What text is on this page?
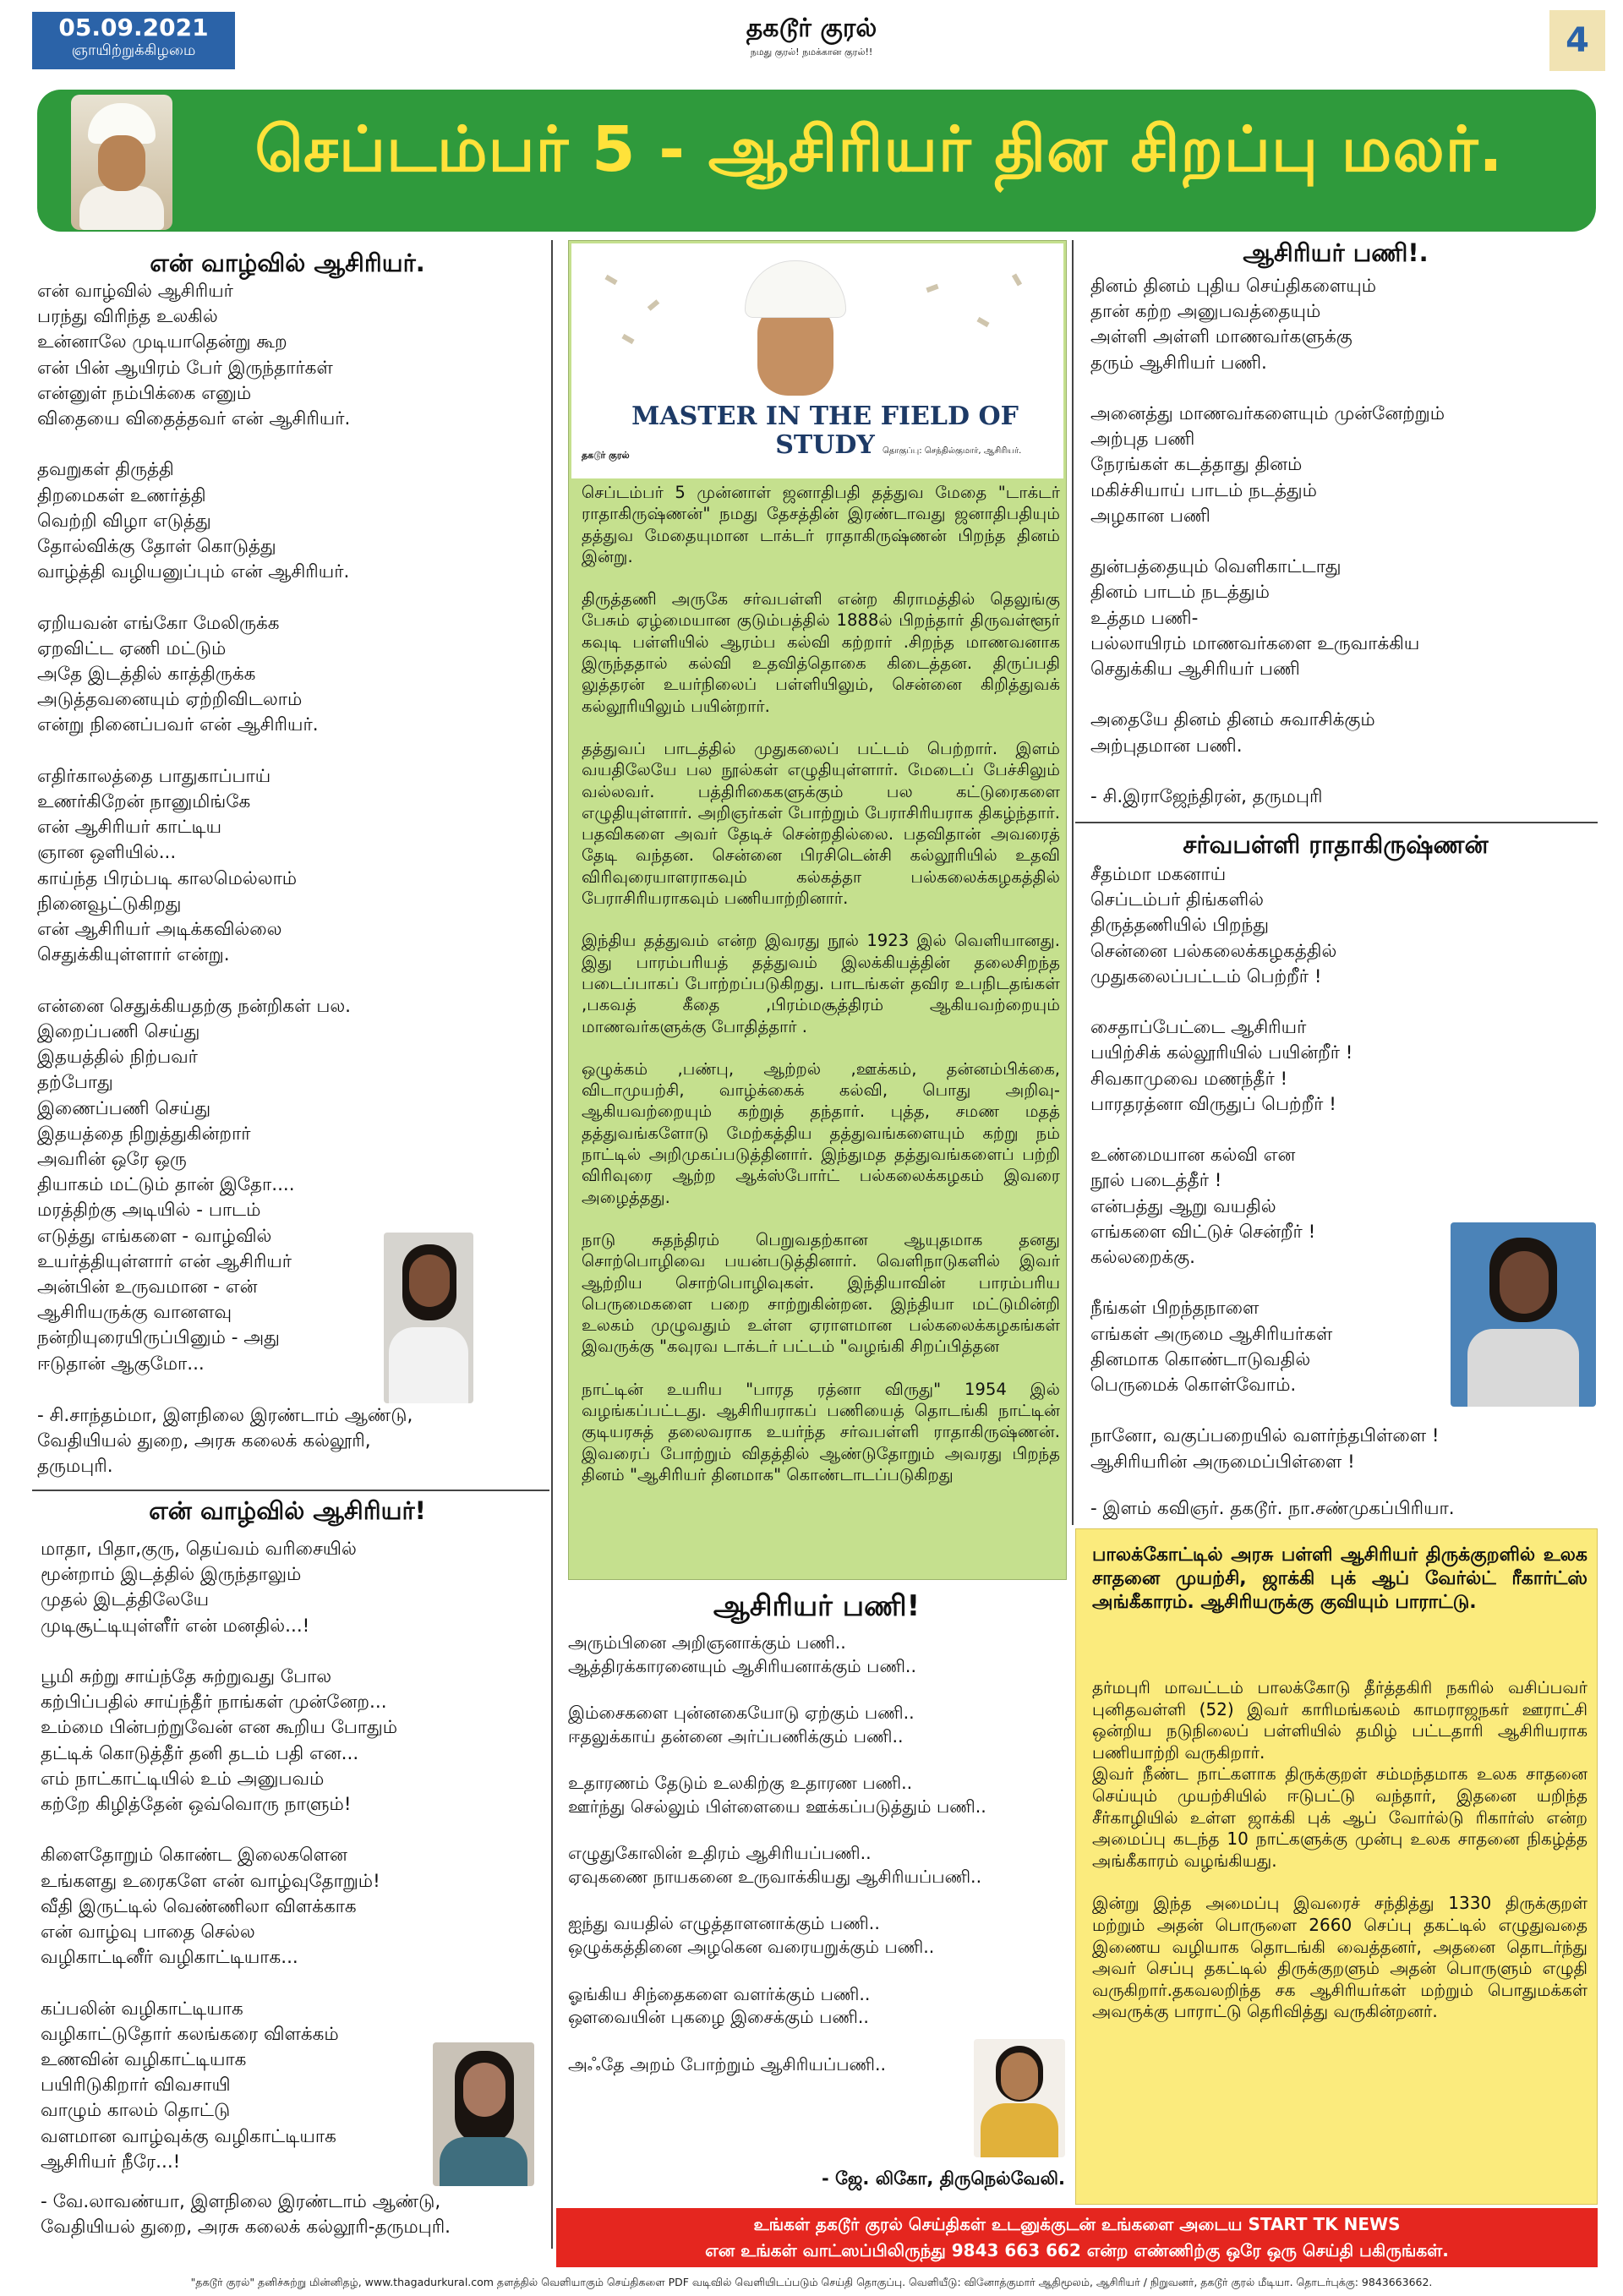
05.09.2021
ஞாயிற்றுக்கிழமை
தகடூர் குரல்
நமது குரல்! நமக்கான குரல்!!	4
செப்டம்பர் 5 - ஆசிரியர் தின சிறப்பு மலர்.
என் வாழ்வில் ஆசிரியர்.
என் வாழ்வில் ஆசிரியர்
பரந்து விரிந்த உலகில்
உன்னாலே முடியாதென்று கூற
என் பின் ஆயிரம் பேர் இருந்தார்கள்
என்னுள் நம்பிக்கை எனும்
விதையை விதைத்தவர் என் ஆசிரியர்.

தவறுகள் திருத்தி
திறமைகள் உணர்த்தி
வெற்றி விழா எடுத்து
தோல்விக்கு தோள் கொடுத்து
வாழ்த்தி வழியனுப்பும் என் ஆசிரியர்.

ஏறியவன் எங்கோ மேலிருக்க
ஏறவிட்ட ஏணி மட்டும்
அதே இடத்தில் காத்திருக்க
அடுத்தவனையும் ஏற்றிவிடலாம்
என்று நினைப்பவர் என் ஆசிரியர்.

எதிர்காலத்தை பாதுகாப்பாய்
உணர்கிறேன் நானுமிங்கே
என் ஆசிரியர் காட்டிய
ஞான ஒளியில்...
காய்ந்த பிரம்படி காலமெல்லாம்
நினைவூட்டுகிறது
என் ஆசிரியர் அடிக்கவில்லை
செதுக்கியுள்ளார் என்று.

என்னை செதுக்கியதற்கு நன்றிகள் பல.
இறைப்பணி செய்து
இதயத்தில் நிற்பவர்
தற்போது
இணைப்பணி செய்து
இதயத்தை நிறுத்துகின்றார்
அவரின் ஒரே ஒரு
தியாகம் மட்டும் தான் இதோ....
மரத்திற்கு அடியில் - பாடம்
எடுத்து எங்களை - வாழ்வில்
உயர்த்தியுள்ளார் என் ஆசிரியர்
அன்பின் உருவமான - என்
ஆசிரியருக்கு வானளவு
நன்றியுரையிருப்பினும் - அது
ஈடுதான் ஆகுமோ...
- சி.சாந்தம்மா, இளநிலை இரண்டாம் ஆண்டு,
வேதியியல் துறை, அரசு கலைக் கல்லூரி,
தருமபுரி.
என் வாழ்வில் ஆசிரியர்!
மாதா, பிதா,குரு, தெய்வம் வரிசையில்
மூன்றாம் இடத்தில் இருந்தாலும்
முதல் இடத்திலேயே
முடிசூட்டியுள்ளீர் என் மனதில்...!

பூமி சுற்று சாய்ந்தே சுற்றுவது போல
கற்பிப்பதில் சாய்ந்தீர் நாங்கள் முன்னேற...
உம்மை பின்பற்றுவேன் என கூறிய போதும்
தட்டிக் கொடுத்தீர் தனி தடம் பதி என...
எம் நாட்காட்டியில் உம் அனுபவம்
கற்றே கிழித்தேன் ஒவ்வொரு நாளும்!

கிளைதோறும் கொண்ட இலைகளென
உங்களது உரைகளே என் வாழ்வுதோறும்!
வீதி இருட்டில் வெண்ணிலா விளக்காக
என் வாழ்வு பாதை செல்ல
வழிகாட்டினீர் வழிகாட்டியாக...

கப்பலின் வழிகாட்டியாக
வழிகாட்டுதோர் கலங்கரை விளக்கம்
உணவின் வழிகாட்டியாக
பயிரிடுகிறார் விவசாயி
வாழும் காலம் தொட்டு
வளமான வாழ்வுக்கு வழிகாட்டியாக
ஆசிரியர் நீரே...!
- வே.லாவண்யா, இளநிலை இரண்டாம் ஆண்டு,
வேதியியல் துறை, அரசு கலைக் கல்லூரி-தருமபுரி.
MASTER IN THE FIELD OF STUDY
தகடூர் குரல்	தொகுப்பு: செந்தில்குமார், ஆசிரியர்.

செப்டம்பர் 5 முன்னாள் ஜனாதிபதி தத்துவ மேதை "டாக்டர் ராதாகிருஷ்ணன்" நமது தேசத்தின் இரண்டாவது ஜனாதிபதியும் தத்துவ மேதையுமான டாக்டர் ராதாகிருஷ்ணன் பிறந்த தினம் இன்று.

திருத்தணி அருகே சர்வபள்ளி என்ற கிராமத்தில் தெலுங்கு பேசும் ஏழ்மையான குடும்பத்தில் 1888ல் பிறந்தார் திருவள்ளூர் கவுடி பள்ளியில் ஆரம்ப கல்வி கற்றார் .சிறந்த மாணவனாக இருந்ததால் கல்வி உதவித்தொகை கிடைத்தன. திருப்பதி லுத்தரன் உயர்நிலைப் பள்ளியிலும், சென்னை கிறித்துவக் கல்லூரியிலும் பயின்றார்.

தத்துவப் பாடத்தில் முதுகலைப் பட்டம் பெற்றார். இளம் வயதிலேயே பல நூல்கள் எழுதியுள்ளார். மேடைப் பேச்சிலும் வல்லவர். பத்திரிகைகளுக்கும் பல கட்டுரைகளை எழுதியுள்ளார். அறிஞர்கள் போற்றும் பேராசிரியராக திகழ்ந்தார். பதவிகளை அவர் தேடிச் சென்றதில்லை. பதவிதான் அவரைத் தேடி வந்தன. சென்னை பிரசிடென்சி கல்லூரியில் உதவி விரிவுரையாளராகவும் கல்கத்தா பல்கலைக்கழகத்தில் பேராசிரியராகவும் பணியாற்றினார்.

இந்திய தத்துவம் என்ற இவரது நூல் 1923 இல் வெளியானது. இது பாரம்பரியத் தத்துவம் இலக்கியத்தின் தலைசிறந்த படைப்பாகப் போற்றப்படுகிறது. பாடங்கள் தவிர உபநிடதங்கள் ,பகவத் கீதை ,பிரம்மசூத்திரம் ஆகியவற்றையும் மாணவர்களுக்கு போதித்தார் .

ஒழுக்கம் ,பண்பு, ஆற்றல் ,ஊக்கம், தன்னம்பிக்கை, விடாமுயற்சி, வாழ்க்கைக் கல்வி, பொது அறிவு- ஆகியவற்றையும் கற்றுத் தந்தார். புத்த, சமண மதத் தத்துவங்களோடு மேற்கத்திய தத்துவங்களையும் கற்று நம் நாட்டில் அறிமுகப்படுத்தினார். இந்துமத தத்துவங்களைப் பற்றி விரிவுரை ஆற்ற ஆக்ஸ்போர்ட் பல்கலைக்கழகம் இவரை அழைத்தது.

நாடு சுதந்திரம் பெறுவதற்கான ஆயுதமாக தனது சொற்பொழிவை பயன்படுத்தினார். வெளிநாடுகளில் இவர் ஆற்றிய சொற்பொழிவுகள். இந்தியாவின் பாரம்பரிய பெருமைகளை பறை சாற்றுகின்றன. இந்தியா மட்டுமின்றி உலகம் முழுவதும் உள்ள ஏராளமான பல்கலைக்கழகங்கள் இவருக்கு "கவுரவ டாக்டர் பட்டம் "வழங்கி சிறப்பித்தன

நாட்டின் உயரிய "பாரத ரத்னா விருது" 1954 இல் வழங்கப்பட்டது. ஆசிரியராகப் பணியைத் தொடங்கி நாட்டின் குடியரசுத் தலைவராக உயர்ந்த சர்வபள்ளி ராதாகிருஷ்ணன். இவரைப் போற்றும் விதத்தில் ஆண்டுதோறும் அவரது பிறந்த தினம் "ஆசிரியர் தினமாக" கொண்டாடப்படுகிறது

ஆசிரியர் பணி!
அரும்பினை அறிஞனாக்கும் பணி..
ஆத்திரக்காரனையும் ஆசிரியனாக்கும் பணி..

இம்சைகளை புன்னகையோடு ஏற்கும் பணி..
ஈதலுக்காய் தன்னை அர்ப்பணிக்கும் பணி..

உதாரணம் தேடும் உலகிற்கு உதாரண பணி..
ஊர்ந்து செல்லும் பிள்ளையை ஊக்கப்படுத்தும் பணி..

எழுதுகோலின் உதிரம் ஆசிரியப்பணி..
ஏவுகணை நாயகனை உருவாக்கியது ஆசிரியப்பணி..

ஐந்து வயதில் எழுத்தாளனாக்கும் பணி..
ஒழுக்கத்தினை அழகென வரையறுக்கும் பணி..

ஓங்கிய சிந்தைகளை வளர்க்கும் பணி..
ஔவையின் புகழை இசைக்கும் பணி..

அஃதே அறம் போற்றும் ஆசிரியப்பணி..
- ஜே. லிகோ, திருநெல்வேலி.
ஆசிரியர் பணி!.
தினம் தினம் புதிய செய்திகளையும்
தான் கற்ற அனுபவத்தையும்
அள்ளி அள்ளி மாணவர்களுக்கு
தரும் ஆசிரியர் பணி.

அனைத்து மாணவர்களையும் முன்னேற்றும்
அற்புத பணி
நேரங்கள் கடத்தாது தினம்
மகிச்சியாய் பாடம் நடத்தும்
அழகான பணி

துன்பத்தையும் வெளிகாட்டாது
தினம் பாடம் நடத்தும்
உத்தம பணி-
பல்லாயிரம் மாணவர்களை உருவாக்கிய
செதுக்கிய ஆசிரியர் பணி

அதையே தினம் தினம் சுவாசிக்கும்
அற்புதமான பணி.
- சி.இராஜேந்திரன், தருமபுரி
சர்வபள்ளி ராதாகிருஷ்ணன்
சீதம்மா மகனாய்
செப்டம்பர் திங்களில்
திருத்தணியில் பிறந்து
சென்னை பல்கலைக்கழகத்தில்
முதுகலைப்பட்டம் பெற்றீர் !

சைதாப்பேட்டை ஆசிரியர்
பயிற்சிக் கல்லூரியில் பயின்றீர் !
சிவகாமுவை மணந்தீர் !
பாரதரத்னா விருதுப் பெற்றீர் !

உண்மையான கல்வி என
நூல் படைத்தீர் !
என்பத்து ஆறு வயதில்
எங்களை விட்டுச் சென்றீர் !
கல்லறைக்கு.

நீங்கள் பிறந்தநாளை
எங்கள் அருமை ஆசிரியர்கள்
தினமாக கொண்டாடுவதில்
பெருமைக் கொள்வோம்.

நானோ, வகுப்பறையில் வளர்ந்தபிள்ளை !
ஆசிரியரின் அருமைப்பிள்ளை !
- இளம் கவிஞர். தகடூர். நா.சண்முகப்பிரியா.
பாலக்கோட்டில் அரசு பள்ளி ஆசிரியர் திருக்குறளில் உலக சாதனை முயற்சி, ஜாக்கி புக் ஆப் வேர்ல்ட் ரீகார்ட்ஸ் அங்கீகாரம். ஆசிரியருக்கு குவியும் பாராட்டு.

தர்மபுரி மாவட்டம் பாலக்கோடு தீர்த்தகிரி நகரில் வசிப்பவர் புனிதவள்ளி (52) இவர் காரிமங்கலம் காமராஜநகர் ஊராட்சி ஒன்றிய நடுநிலைப் பள்ளியில் தமிழ் பட்டதாரி ஆசிரியராக பணியாற்றி வருகிறார்.
இவர் நீண்ட நாட்களாக திருக்குறள் சம்மந்தமாக உலக சாதனை செய்யும் முயற்சியில் ஈடுபட்டு வந்தார், இதனை யறிந்த சீர்காழியில் உள்ள ஜாக்கி புக் ஆப் வோர்ல்டு ரிகார்ஸ் என்ற அமைப்பு கடந்த 10 நாட்களுக்கு முன்பு உலக சாதனை நிகழ்த்த அங்கீகாரம் வழங்கியது.

இன்று இந்த அமைப்பு இவரைச் சந்தித்து 1330 திருக்குறள் மற்றும் அதன் பொருளை 2660 செப்பு தகட்டில் எழுதுவதை இணைய வழியாக தொடங்கி வைத்தனர், அதனை தொடர்ந்து அவர் செப்பு தகட்டில் திருக்குறளும் அதன் பொருளும் எழுதி வருகிறார்.தகவலறிந்த சக ஆசிரியர்கள் மற்றும் பொதுமக்கள் அவருக்கு பாராட்டு தெரிவித்து வருகின்றனர்.

உங்கள் தகடூர் குரல் செய்திகள் உடனுக்குடன் உங்களை அடைய START TK NEWS
என உங்கள் வாட்ஸப்பிலிருந்து 9843 663 662 என்ற எண்ணிற்கு ஒரே ஒரு செய்தி பகிருங்கள்.
"தகடூர் குரல்" தனிச்சுற்று மின்னிதழ், www.thagadurkural.com தளத்தில் வெளியாகும் செய்திகளை PDF வடிவில் வெளியிடப்படும் செய்தி தொகுப்பு. வெளியீடு: வினோத்குமார் ஆதிமூலம், ஆசிரியர் / நிறுவனர், தகடூர் குரல் மீடியா. தொடர்புக்கு: 9843663662.
